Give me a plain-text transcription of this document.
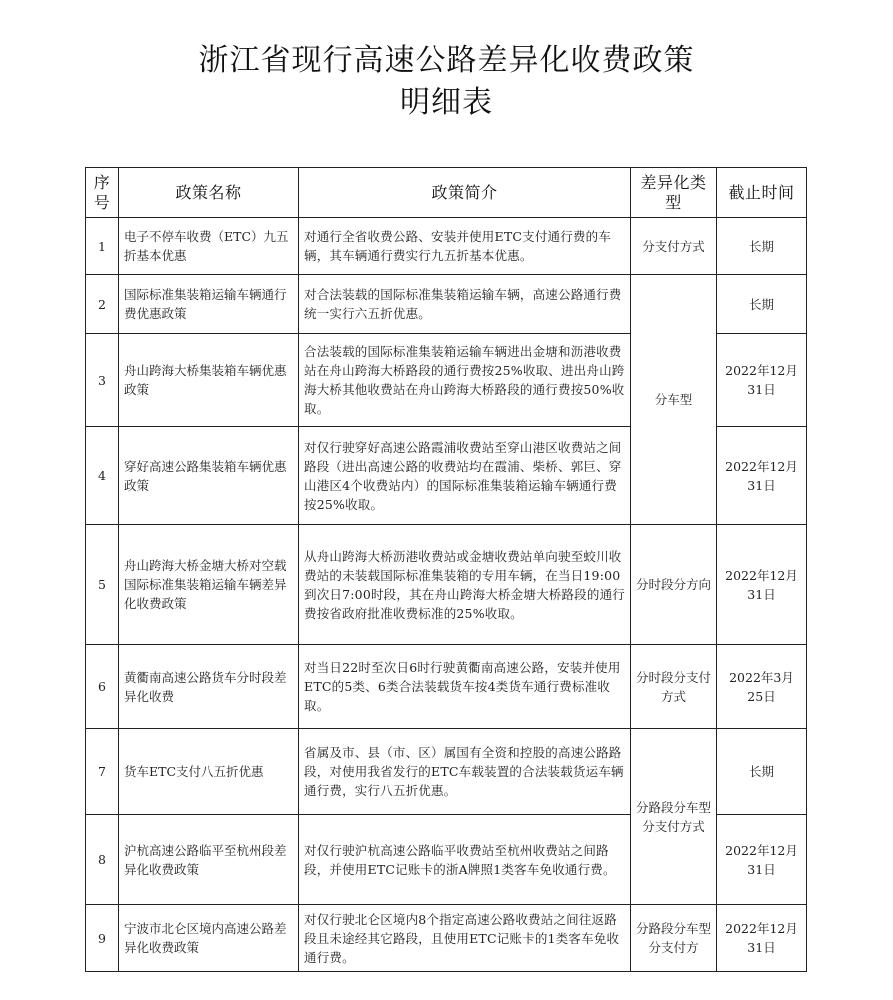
浙江省现行高速公路差异化收费政策
明细表
序号	政策名称	政策简介	差异化类型	截止时间
1	电子不停车收费（ETC）九五折基本优惠	对通行全省收费公路、安装并使用ETC支付通行费的车辆，其车辆通行费实行九五折基本优惠。	分支付方式	长期
2	国际标准集装箱运输车辆通行费优惠政策	对合法装载的国际标准集装箱运输车辆，高速公路通行费统一实行六五折优惠。	分车型	长期
3	舟山跨海大桥集装箱车辆优惠政策	合法装载的国际标准集装箱运输车辆进出金塘和沥港收费站在舟山跨海大桥路段的通行费按25%收取、进出舟山跨海大桥其他收费站在舟山跨海大桥路段的通行费按50%收取。		2022年12月31日
4	穿好高速公路集装箱车辆优惠政策	对仅行驶穿好高速公路霞浦收费站至穿山港区收费站之间路段（进出高速公路的收费站均在霞浦、柴桥、郭巨、穿山港区4个收费站内）的国际标准集装箱运输车辆通行费按25%收取。		2022年12月31日
5	舟山跨海大桥金塘大桥对空载国际标准集装箱运输车辆差异化收费政策	从舟山跨海大桥沥港收费站或金塘收费站单向驶至蛟川收费站的未装载国际标准集装箱的专用车辆，在当日19:00到次日7:00时段，其在舟山跨海大桥金塘大桥路段的通行费按省政府批准收费标准的25%收取。	分时段分方向	2022年12月31日
6	黄衢南高速公路货车分时段差异化收费	对当日22时至次日6时行驶黄衢南高速公路，安装并使用ETC的5类、6类合法装载货车按4类货车通行费标准收取。	分时段分支付方式	2022年3月25日
7	货车ETC支付八五折优惠	省属及市、县（市、区）属国有全资和控股的高速公路路段，对使用我省发行的ETC车载装置的合法装载货运车辆通行费，实行八五折优惠。	分路段分车型分支付方式	长期
8	沪杭高速公路临平至杭州段差异化收费政策	对仅行驶沪杭高速公路临平收费站至杭州收费站之间路段，并使用ETC记账卡的浙A牌照1类客车免收通行费。		2022年12月31日
9	宁波市北仑区境内高速公路差异化收费政策	对仅行驶北仑区境内8个指定高速公路收费站之间往返路段且未途经其它路段，且使用ETC记账卡的1类客车免收通行费。	分路段分车型分支付方	2022年12月31日
